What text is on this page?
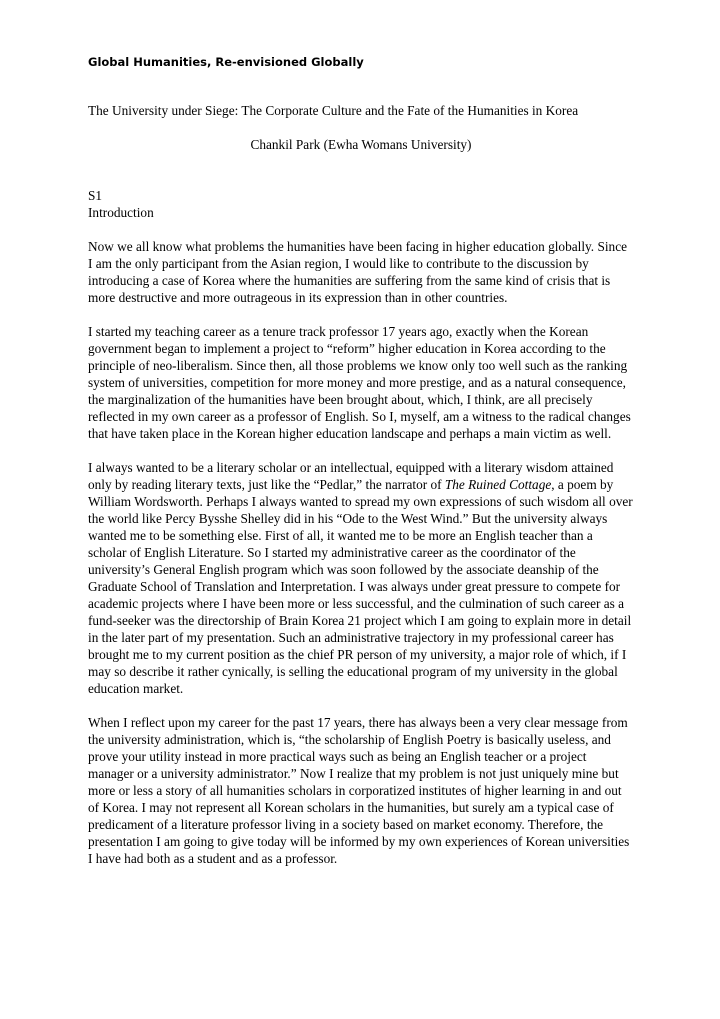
Global Humanities, Re-envisioned Globally

The University under Siege: The Corporate Culture and the Fate of the Humanities in Korea

Chankil Park (Ewha Womans University)

S1

Introduction

Now we all know what problems the humanities have been facing in higher education globally. Since I am the only participant from the Asian region, I would like to contribute to the discussion by introducing a case of Korea where the humanities are suffering from the same kind of crisis that is more destructive and more outrageous in its expression than in other countries.

I started my teaching career as a tenure track professor 17 years ago, exactly when the Korean government began to implement a project to “reform” higher education in Korea according to the principle of neo-liberalism. Since then, all those problems we know only too well such as the ranking system of universities, competition for more money and more prestige, and as a natural consequence, the marginalization of the humanities have been brought about, which, I think, are all precisely reflected in my own career as a professor of English. So I, myself, am a witness to the radical changes that have taken place in the Korean higher education landscape and perhaps a main victim as well.

I always wanted to be a literary scholar or an intellectual, equipped with a literary wisdom attained only by reading literary texts, just like the “Pedlar,” the narrator of The Ruined Cottage, a poem by William Wordsworth. Perhaps I always wanted to spread my own expressions of such wisdom all over the world like Percy Bysshe Shelley did in his “Ode to the West Wind.” But the university always wanted me to be something else. First of all, it wanted me to be more an English teacher than a scholar of English Literature. So I started my administrative career as the coordinator of the university’s General English program which was soon followed by the associate deanship of the Graduate School of Translation and Interpretation. I was always under great pressure to compete for academic projects where I have been more or less successful, and the culmination of such career as a fund-seeker was the directorship of Brain Korea 21 project which I am going to explain more in detail in the later part of my presentation. Such an administrative trajectory in my professional career has brought me to my current position as the chief PR person of my university, a major role of which, if I may so describe it rather cynically, is selling the educational program of my university in the global education market.

When I reflect upon my career for the past 17 years, there has always been a very clear message from the university administration, which is, “the scholarship of English Poetry is basically useless, and prove your utility instead in more practical ways such as being an English teacher or a project manager or a university administrator.” Now I realize that my problem is not just uniquely mine but more or less a story of all humanities scholars in corporatized institutes of higher learning in and out of Korea. I may not represent all Korean scholars in the humanities, but surely am a typical case of predicament of a literature professor living in a society based on market economy. Therefore, the presentation I am going to give today will be informed by my own experiences of Korean universities I have had both as a student and as a professor.
